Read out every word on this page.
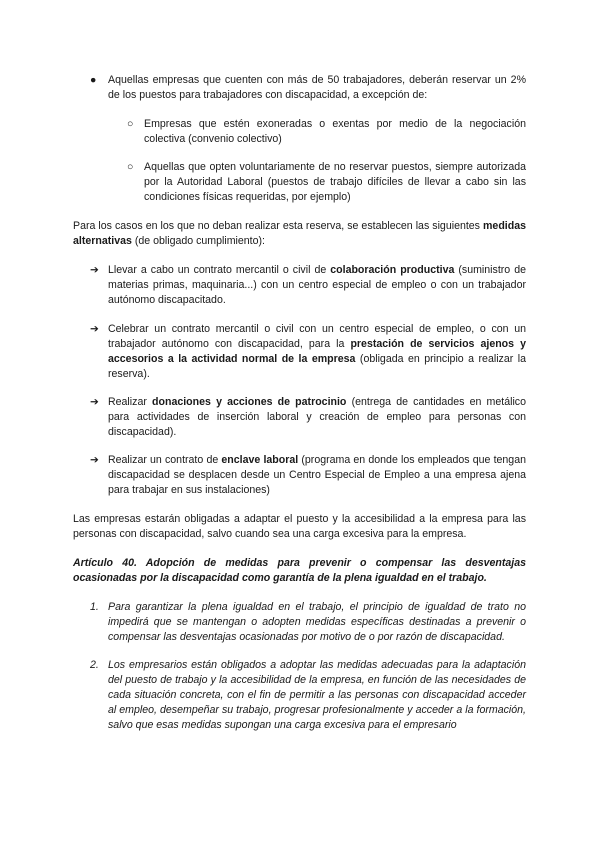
● Aquellas empresas que cuenten con más de 50 trabajadores, deberán reservar un 2% de los puestos para trabajadores con discapacidad, a excepción de:
○ Empresas que estén exoneradas o exentas por medio de la negociación colectiva (convenio colectivo)
○ Aquellas que opten voluntariamente de no reservar puestos, siempre autorizada por la Autoridad Laboral (puestos de trabajo difíciles de llevar a cabo sin las condiciones físicas requeridas, por ejemplo)
Para los casos en los que no deban realizar esta reserva, se establecen las siguientes medidas alternativas (de obligado cumplimiento):
➔ Llevar a cabo un contrato mercantil o civil de colaboración productiva (suministro de materias primas, maquinaria...) con un centro especial de empleo o con un trabajador autónomo discapacitado.
➔ Celebrar un contrato mercantil o civil con un centro especial de empleo, o con un trabajador autónomo con discapacidad, para la prestación de servicios ajenos y accesorios a la actividad normal de la empresa (obligada en principio a realizar la reserva).
➔ Realizar donaciones y acciones de patrocinio (entrega de cantidades en metálico para actividades de inserción laboral y creación de empleo para personas con discapacidad).
➔ Realizar un contrato de enclave laboral (programa en donde los empleados que tengan discapacidad se desplacen desde un Centro Especial de Empleo a una empresa ajena para trabajar en sus instalaciones)
Las empresas estarán obligadas a adaptar el puesto y la accesibilidad a la empresa para las personas con discapacidad, salvo cuando sea una carga excesiva para la empresa.
Artículo 40. Adopción de medidas para prevenir o compensar las desventajas ocasionadas por la discapacidad como garantía de la plena igualdad en el trabajo.
1. Para garantizar la plena igualdad en el trabajo, el principio de igualdad de trato no impedirá que se mantengan o adopten medidas específicas destinadas a prevenir o compensar las desventajas ocasionadas por motivo de o por razón de discapacidad.
2. Los empresarios están obligados a adoptar las medidas adecuadas para la adaptación del puesto de trabajo y la accesibilidad de la empresa, en función de las necesidades de cada situación concreta, con el fin de permitir a las personas con discapacidad acceder al empleo, desempeñar su trabajo, progresar profesionalmente y acceder a la formación, salvo que esas medidas supongan una carga excesiva para el empresario
